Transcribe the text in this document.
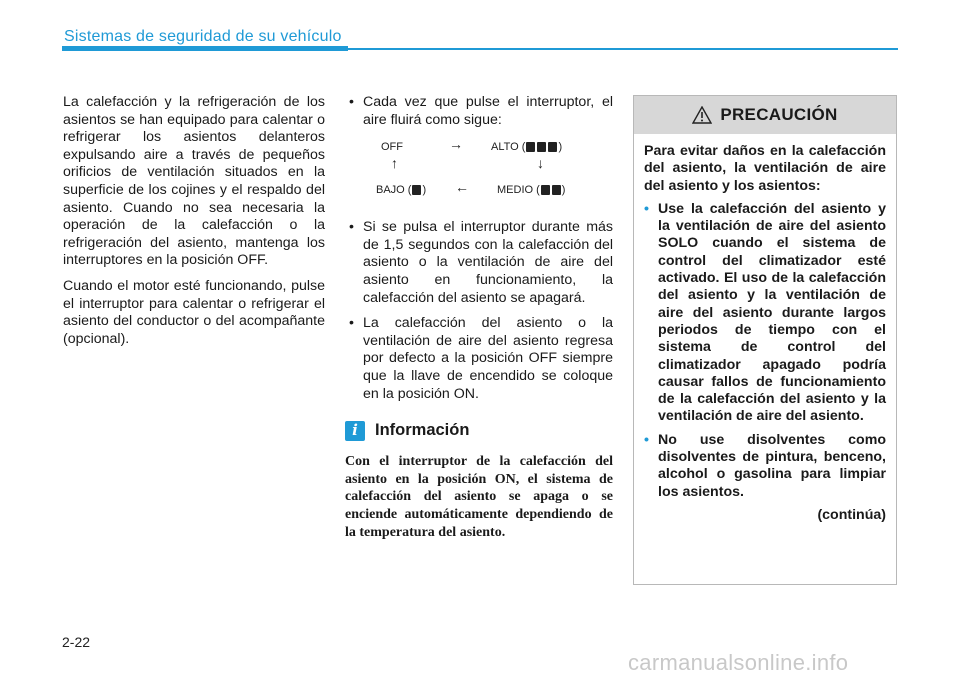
Sistemas de seguridad de su vehículo

La calefacción y la refrigeración de los asientos se han equipado para calentar o refrigerar los asientos delanteros expulsando aire a través de pequeños orificios de ventilación situados en la superficie de los cojines y el respaldo del asiento. Cuando no sea necesaria la operación de la calefacción o la refrigeración del asiento, mantenga los interruptores en la posición OFF.

Cuando el motor esté funcionando, pulse el interruptor para calentar o refrigerar el asiento del conductor o del acompañante (opcional).

• Cada vez que pulse el interruptor, el aire fluirá como sigue:
OFF	→	ALTO (	)
↑	↓
BAJO ( ) ←	MEDIO ( )
• Si se pulsa el interruptor durante más de 1,5 segundos con la calefacción del asiento o la ventilación de aire del asiento en funcionamiento, la calefacción del asiento se apagará.
• La calefacción del asiento o la ventilación de aire del asiento regresa por defecto a la posición OFF siempre que la llave de encendido se coloque en la posición ON.
i	Información
Con el interruptor de la calefacción del asiento en la posición ON, el sistema de calefacción del asiento se apaga o se enciende automáticamente dependiendo de la temperatura del asiento.
PRECAUCIÓN

Para evitar daños en la calefacción del asiento, la ventilación de aire del asiento y los asientos:

• Use la calefacción del asiento y la ventilación de aire del asiento SOLO cuando el sistema de control del climatizador esté activado. El uso de la calefacción del asiento y la ventilación de aire del asiento durante largos periodos de tiempo con el sistema de control del climatizador apagado podría causar fallos de funcionamiento de la calefacción del asiento y la ventilación de aire del asiento.
• No use disolventes como disolventes de pintura, benceno, alcohol o gasolina para limpiar los asientos.
(continúa)
2-22
carmanualsonline.info
